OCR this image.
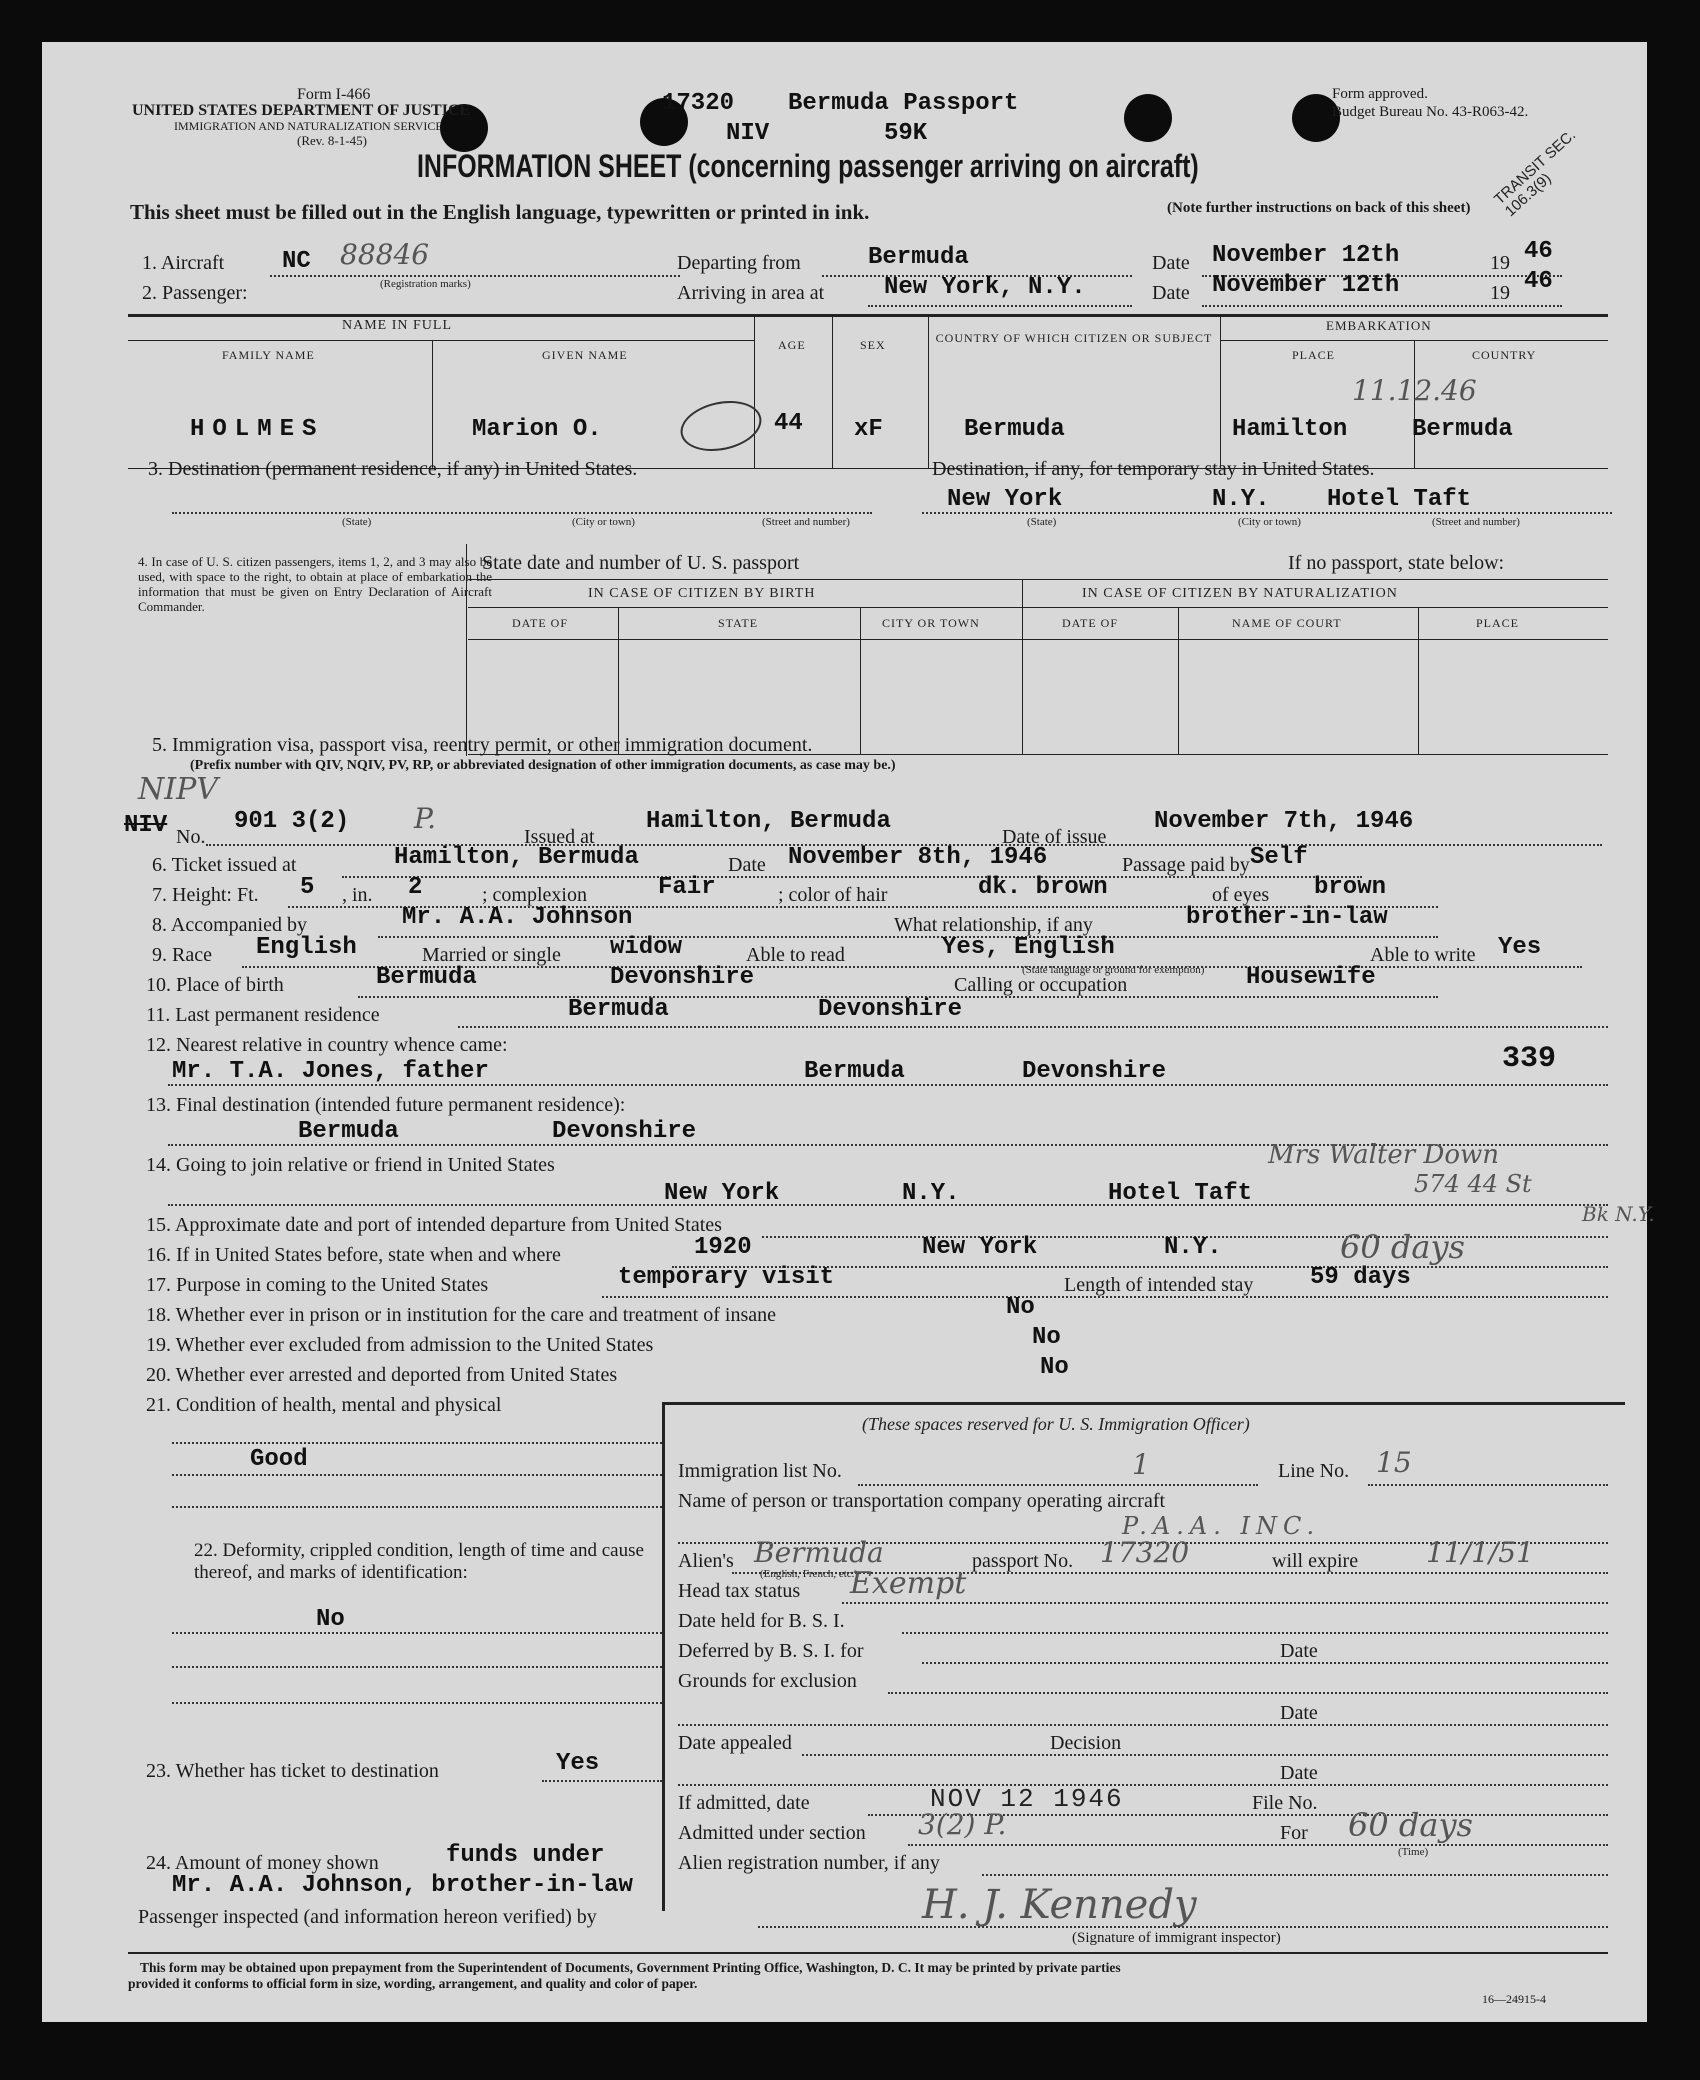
Form I-466
UNITED STATES DEPARTMENT OF JUSTICE
IMMIGRATION AND NATURALIZATION SERVICE
(Rev. 8-1-45)
17320 Bermuda Passport
NIV	59K
Form approved.
Budget Bureau No. 43-R063-42.
TRANSIT SEC. 106.3(9)
INFORMATION SHEET (concerning passenger arriving on aircraft)
This sheet must be filled out in the English language, typewritten or printed in ink.	(Note further instructions on back of this sheet)
1. Aircraft NC 88846
(Registration marks)
2. Passenger:
Departing from	Bermuda
Arriving in area at New York, N.Y.
Date November 12th	19 46
Date November 12th	19 46
NAME IN FULL
FAMILY NAME	GIVEN NAME
AGE	SEX	COUNTRY OF WHICH CITIZEN OR SUBJECT
EMBARKATION
PLACE	COUNTRY
HOLMES	Marion O.	44 xF	Bermuda	Hamilton	Bermuda
11.12.46
3. Destination (permanent residence, if any) in United States.	Destination, if any, for temporary stay in United States.
(State)	(City or town)	(Street and number)
New York	N.Y. Hotel Taft
(State)	(City or town)	(Street and number)
4. In case of U. S. citizen passengers, items 1, 2, and 3 may also be used, with space to the right, to obtain at place of embarkation the information that must be given on Entry Declaration of Aircraft Commander.
State date and number of U. S. passport	If no passport, state below:
IN CASE OF CITIZEN BY BIRTH	IN CASE OF CITIZEN BY NATURALIZATION
DATE OF	STATE	CITY OR TOWN	DATE OF	NAME OF COURT	PLACE
5. Immigration visa, passport visa, reentry permit, or other immigration document.
(Prefix number with QIV, NQIV, PV, RP, or abbreviated designation of other immigration documents, as case may be.)
NIPV
NIV No.
901 3(2) P.
Issued at
Hamilton, Bermuda
Date of issue
November 7th, 1946
6. Ticket issued at	Hamilton, Bermuda	Date November 8th, 1946	Passage paid by Self
7. Height: Ft. 5 , in. 2	; complexion	Fair	; color of hair	dk. brown	of eyes brown
8. Accompanied by	Mr. A.A. Johnson	What relationship, if any	brother-in-law
9. Race English	Married or single widow	Able to read	Yes, English
(State language or ground for exemption)
Able to write Yes
10. Place of birth	Bermuda	Devonshire	Calling or occupation	Housewife
11. Last permanent residence	Bermuda	Devonshire
12. Nearest relative in country whence came:
Mr. T.A. Jones, father	Bermuda	Devonshire	339
13. Final destination (intended future permanent residence):
Bermuda	Devonshire
14. Going to join relative or friend in United States	Mrs Walter Down
574 44 St
Bk N.Y.
New York	N.Y.	Hotel Taft
15. Approximate date and port of intended departure from United States
16. If in United States before, state when and where	1920	New York	N.Y.	60 days
17. Purpose in coming to the United States	temporary visit	Length of intended stay 59 days
18. Whether ever in prison or in institution for the care and treatment of insane	No
19. Whether ever excluded from admission to the United States	No
20. Whether ever arrested and deported from United States	No
21. Condition of health, mental and physical
Good
22. Deformity, crippled condition, length of time and cause thereof, and marks of identification:
No
23. Whether has ticket to destination	Yes
24. Amount of money shown	funds under
Mr. A.A. Johnson, brother-in-law
(These spaces reserved for U. S. Immigration Officer)
Immigration list No.	1	Line No. 15
Name of person or transportation company operating aircraft
P.A.A. INC.
Alien's Bermuda
(English, French, etc.)
passport No. 17320	will expire 11/1/51
Head tax status Exempt
Date held for B. S. I.
Deferred by B. S. I. for	Date
Grounds for exclusion
Date
Date appealed	Decision
Date
If admitted, date	NOV 12 1946	File No.
Admitted under section 3(2) P.	For 60 days
(Time)
Alien registration number, if any
Passenger inspected (and information hereon verified) by	H. J. Kennedy
(Signature of immigrant inspector)
This form may be obtained upon prepayment from the Superintendent of Documents, Government Printing Office, Washington, D. C. It may be printed by private parties
provided it conforms to official form in size, wording, arrangement, and quality and color of paper.
16—24915-4
